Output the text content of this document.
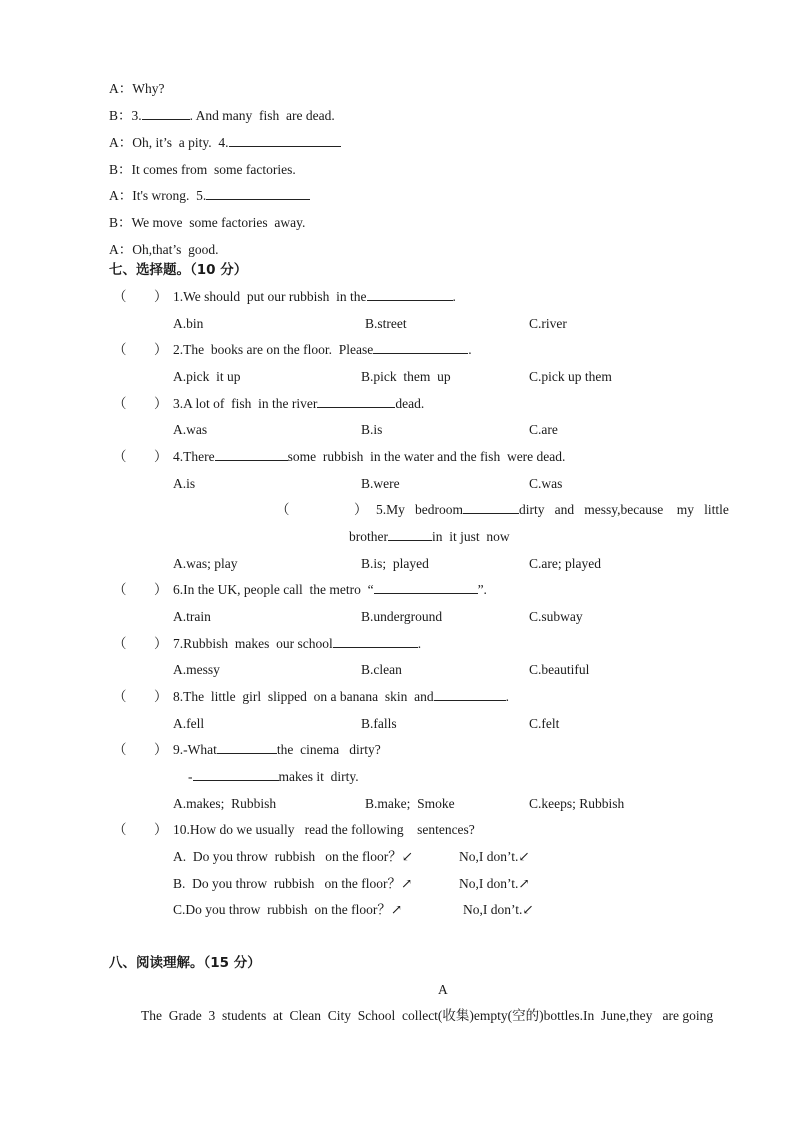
A：Why?
B：3.	. And many  fish  are dead.
A：Oh, it’s  a pity.  4.
B：It comes from  some factories.
A：It's wrong.  5.
B：We move  some factories  away.
A：Oh,that’s  good.
七、选择题。（10 分）
（ ） 1.We should  put our rubbish  in the	.
A.bin	B.street	C.river
（ ） 2.The  books are on the floor.  Please	.
A.pick  it up	B.pick  them  up	C.pick up them
（ ） 3.A lot of  fish  in the river	dead.
A.was	B.is	C.are
（ ） 4.There	some  rubbish  in the water and the fish  were dead.
A.is	B.were	C.was
（	） 5.My   bedroom	dirty and   messy,because    my   little
brother	in  it just  now
A.was; play	B.is;  played	C.are; played
（ ） 6.In the UK, people call  the metro  “	”.
A.train	B.underground	C.subway
（ ） 7.Rubbish  makes  our school	.
A.messy	B.clean	C.beautiful
（ ） 8.The  little  girl  slipped  on a banana  skin  and	.
A.fell	B.falls	C.felt
（ ） 9.-What	the  cinema   dirty?
-	makes it  dirty.
A.makes;  Rubbish	B.make;  Smoke	C.keeps; Rubbish
（ ） 10.How do we usually   read the following    sentences?
A.  Do you throw  rubbish   on the floor？↙	No,I don’t.↙
B.  Do you throw  rubbish   on the floor？↗	No,I don’t.↗
C.Do you throw  rubbish  on the floor？↗	No,I don’t.↙
八、阅读理解。（15 分）
A
The  Grade  3  students  at  Clean  City  School  collect(收集)empty(空的)bottles.In  June,they   are going
